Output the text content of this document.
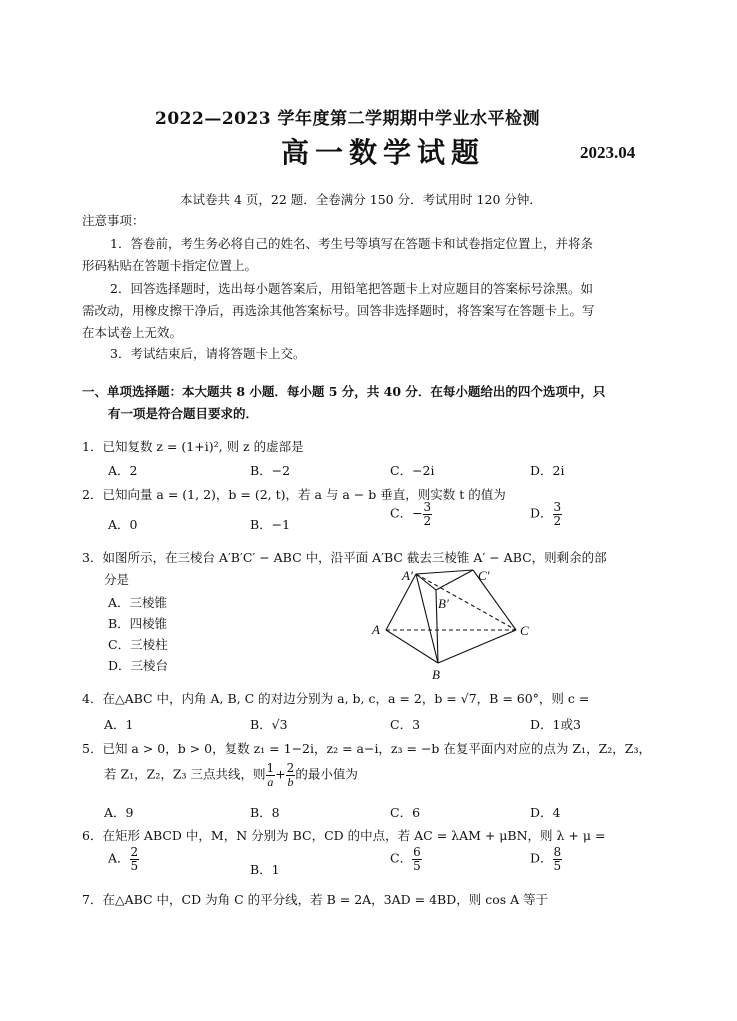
2022—2023 学年度第二学期期中学业水平检测
高一数学试题	2023.04
本试卷共 4 页，22 题．全卷满分 150 分．考试用时 120 分钟．
注意事项：
1．答卷前，考生务必将自己的姓名、考生号等填写在答题卡和试卷指定位置上，并将条
形码粘贴在答题卡指定位置上。
2．回答选择题时，选出每小题答案后，用铅笔把答题卡上对应题目的答案标号涂黑。如
需改动，用橡皮擦干净后，再选涂其他答案标号。回答非选择题时，将答案写在答题卡上。写
在本试卷上无效。
3．考试结束后，请将答题卡上交。
一、单项选择题：本大题共 8 小题．每小题 5 分，共 40 分．在每小题给出的四个选项中，只
有一项是符合题目要求的．
1．已知复数 z = (1+i)², 则 z 的虚部是
A．2	B．−2	C．−2i	D．2i
2．已知向量 a = (1, 2)，b = (2, t)，若 a 与 a − b 垂直，则实数 t 的值为
A．0	B．−1
C．− $\frac{3}{2}$	D． $\frac{3}{2}$
3．如图所示，在三棱台 A′B′C′ − ABC 中，沿平面 A′BC 截去三棱锥 A′ − ABC，则剩余的部
分是
A．三棱锥
B．四棱锥
C．三棱柱
D．三棱台
A′	C′
B′
A	C
B
4．在△ABC 中，内角 A, B, C 的对边分别为 a, b, c，a = 2，b = √7，B = 60°，则 c =
A．1	B．√3	C．3	D．1或3
5．已知 a > 0，b > 0，复数 z₁ = 1−2i，z₂ = a−i，z₃ = −b 在复平面内对应的点为 Z₁，Z₂，Z₃，
若 Z₁，Z₂，Z₃ 三点共线，则 $\frac{1}{a} + \frac{2}{b}$ 的最小值为
A．9	B．8	C．6	D．4
6．在矩形 ABCD 中，M，N 分别为 BC，CD 的中点，若 AC = λAM + μBN，则 λ + μ =
A． $\frac{2}{5}$	B．1
C． $\frac{6}{5}$	D． $\frac{8}{5}$
7．在△ABC 中，CD 为角 C 的平分线，若 B = 2A，3AD = 4BD，则 cos A 等于
